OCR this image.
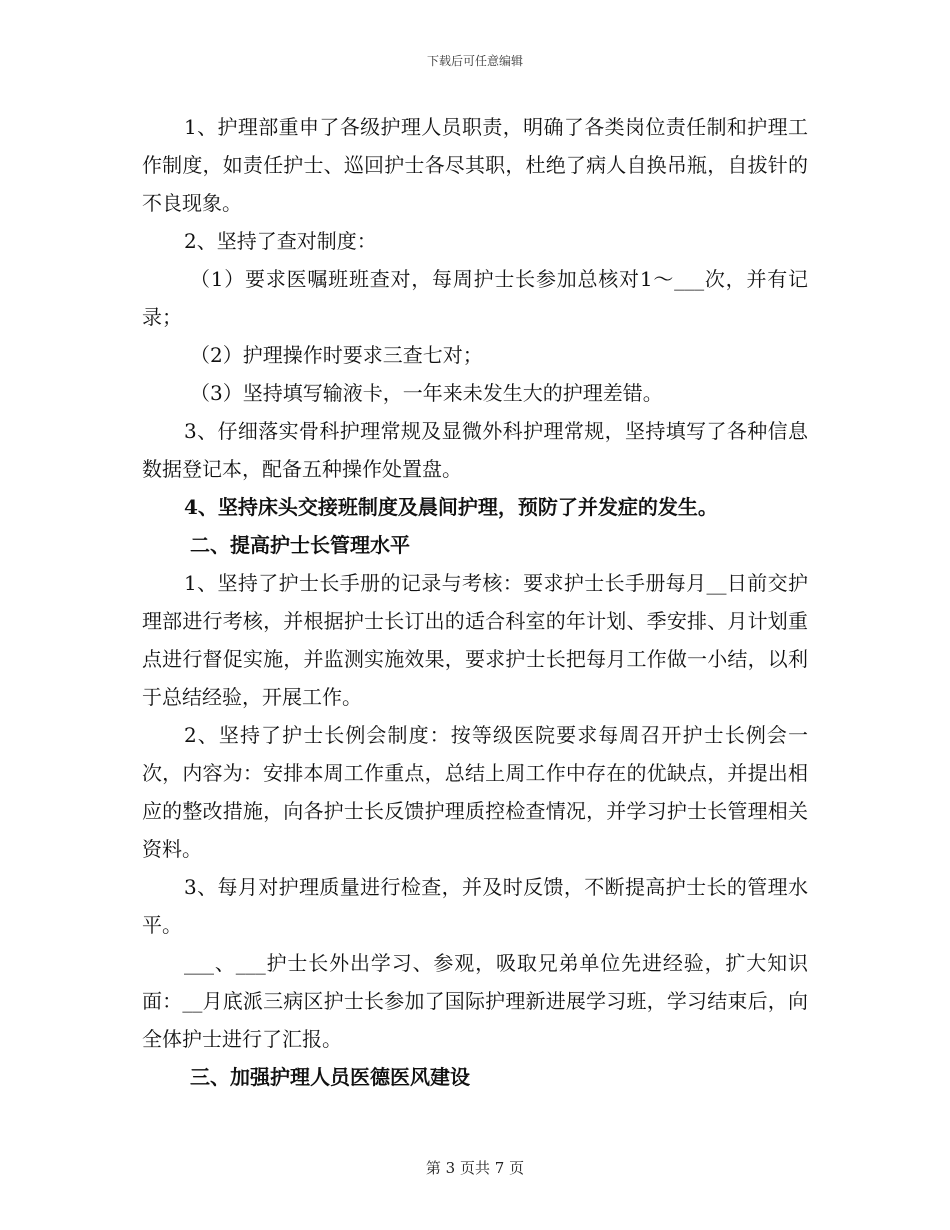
下载后可任意编辑

1、护理部重申了各级护理人员职责，明确了各类岗位责任制和护理工作制度，如责任护士、巡回护士各尽其职，杜绝了病人自换吊瓶，自拔针的不良现象。

2、坚持了查对制度：

（1）要求医嘱班班查对，每周护士长参加总核对1～___次，并有记录；

（2）护理操作时要求三查七对；

（3）坚持填写输液卡，一年来未发生大的护理差错。

3、仔细落实骨科护理常规及显微外科护理常规，坚持填写了各种信息数据登记本，配备五种操作处置盘。

4、坚持床头交接班制度及晨间护理，预防了并发症的发生。

二、提高护士长管理水平

1、坚持了护士长手册的记录与考核：要求护士长手册每月__日前交护理部进行考核，并根据护士长订出的适合科室的年计划、季安排、月计划重点进行督促实施，并监测实施效果，要求护士长把每月工作做一小结，以利于总结经验，开展工作。

2、坚持了护士长例会制度：按等级医院要求每周召开护士长例会一次，内容为：安排本周工作重点，总结上周工作中存在的优缺点，并提出相应的整改措施，向各护士长反馈护理质控检查情况，并学习护士长管理相关资料。

3、每月对护理质量进行检查，并及时反馈，不断提高护士长的管理水平。

___、___护士长外出学习、参观，吸取兄弟单位先进经验，扩大知识面：__月底派三病区护士长参加了国际护理新进展学习班，学习结束后，向全体护士进行了汇报。

三、加强护理人员医德医风建设

第 3 页共 7 页
